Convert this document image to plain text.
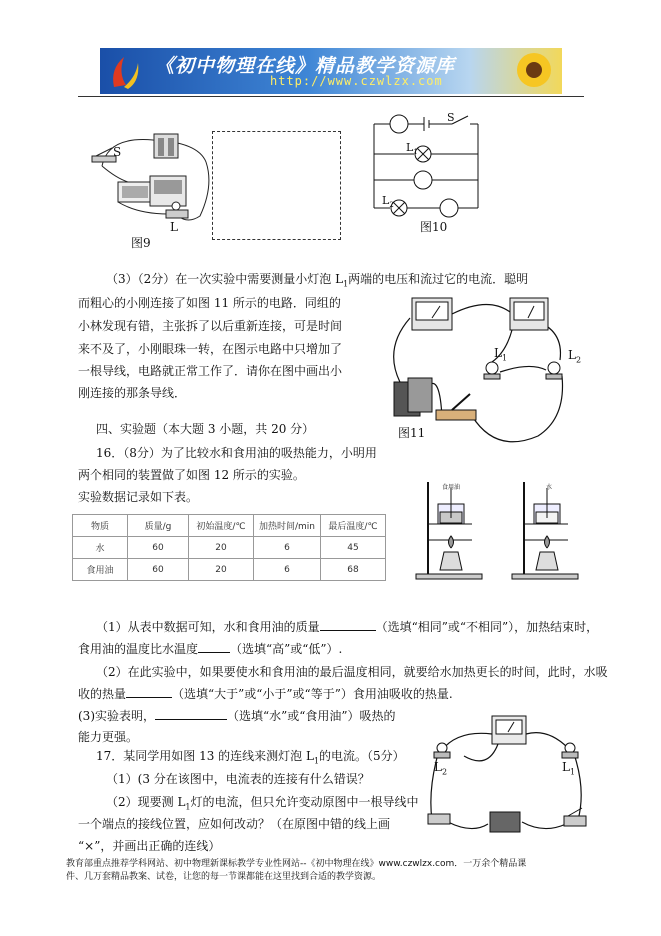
《初中物理在线》精品教学资源库
http://www.czwlzx.com
S
L
图9
S
$L_1$
$L_2$
图10
（3）（2分）在一次实验中需要测量小灯泡 $L_1$两端的电压和流过它的电流．聪明
而粗心的小刚连接了如图 11 所示的电路．同组的
小林发现有错，主张拆了以后重新连接，可是时间
来不及了，小刚眼珠一转，在图示电路中只增加了
一根导线，电路就正常工作了．请你在图中画出小
刚连接的那条导线．
$L_1$	$L_2$
图11
四、实验题（本大题 3 小题，共 20 分）
16．（8分）为了比较水和食用油的吸热能力，小明用
两个相同的装置做了如图 12 所示的实验。
实验数据记录如下表。
物质	质量/g	初始温度/℃	加热时间/min	最后温度/℃
水	60	20	6	45
食用油	60	20	6	68
食用油	水
（1）从表中数据可知，水和食用油的质量	（选填“相同”或“不相同”），加热结束时，
食用油的温度比水温度	（选填“高”或“低”）.
（2）在此实验中，如果要使水和食用油的最后温度相同，就要给水加热更长的时间，此时，水吸
收的热量	（选填“大于”或“小于”或“等于”）食用油吸收的热量.
(3)实验表明，	（选填“水”或“食用油”）吸热的
能力更强。
17．某同学用如图 13 的连线来测灯泡 $L_1$的电流。（5分）
（1）(3 分在该图中，电流表的连接有什么错误？
（2）现要测 $L_1$灯的电流，但只允许变动原图中一根导线中
一个端点的接线位置，应如何改动？（在原图中错的线上画
“×”，并画出正确的连线）
$L_2$	$L_1$
教育部重点推荐学科网站、初中物理新课标教学专业性网站--《初中物理在线》www.czwlzx.com．一万余个精品课
件、几万套精品教案、试卷，让您的每一节课都能在这里找到合适的教学资源。
